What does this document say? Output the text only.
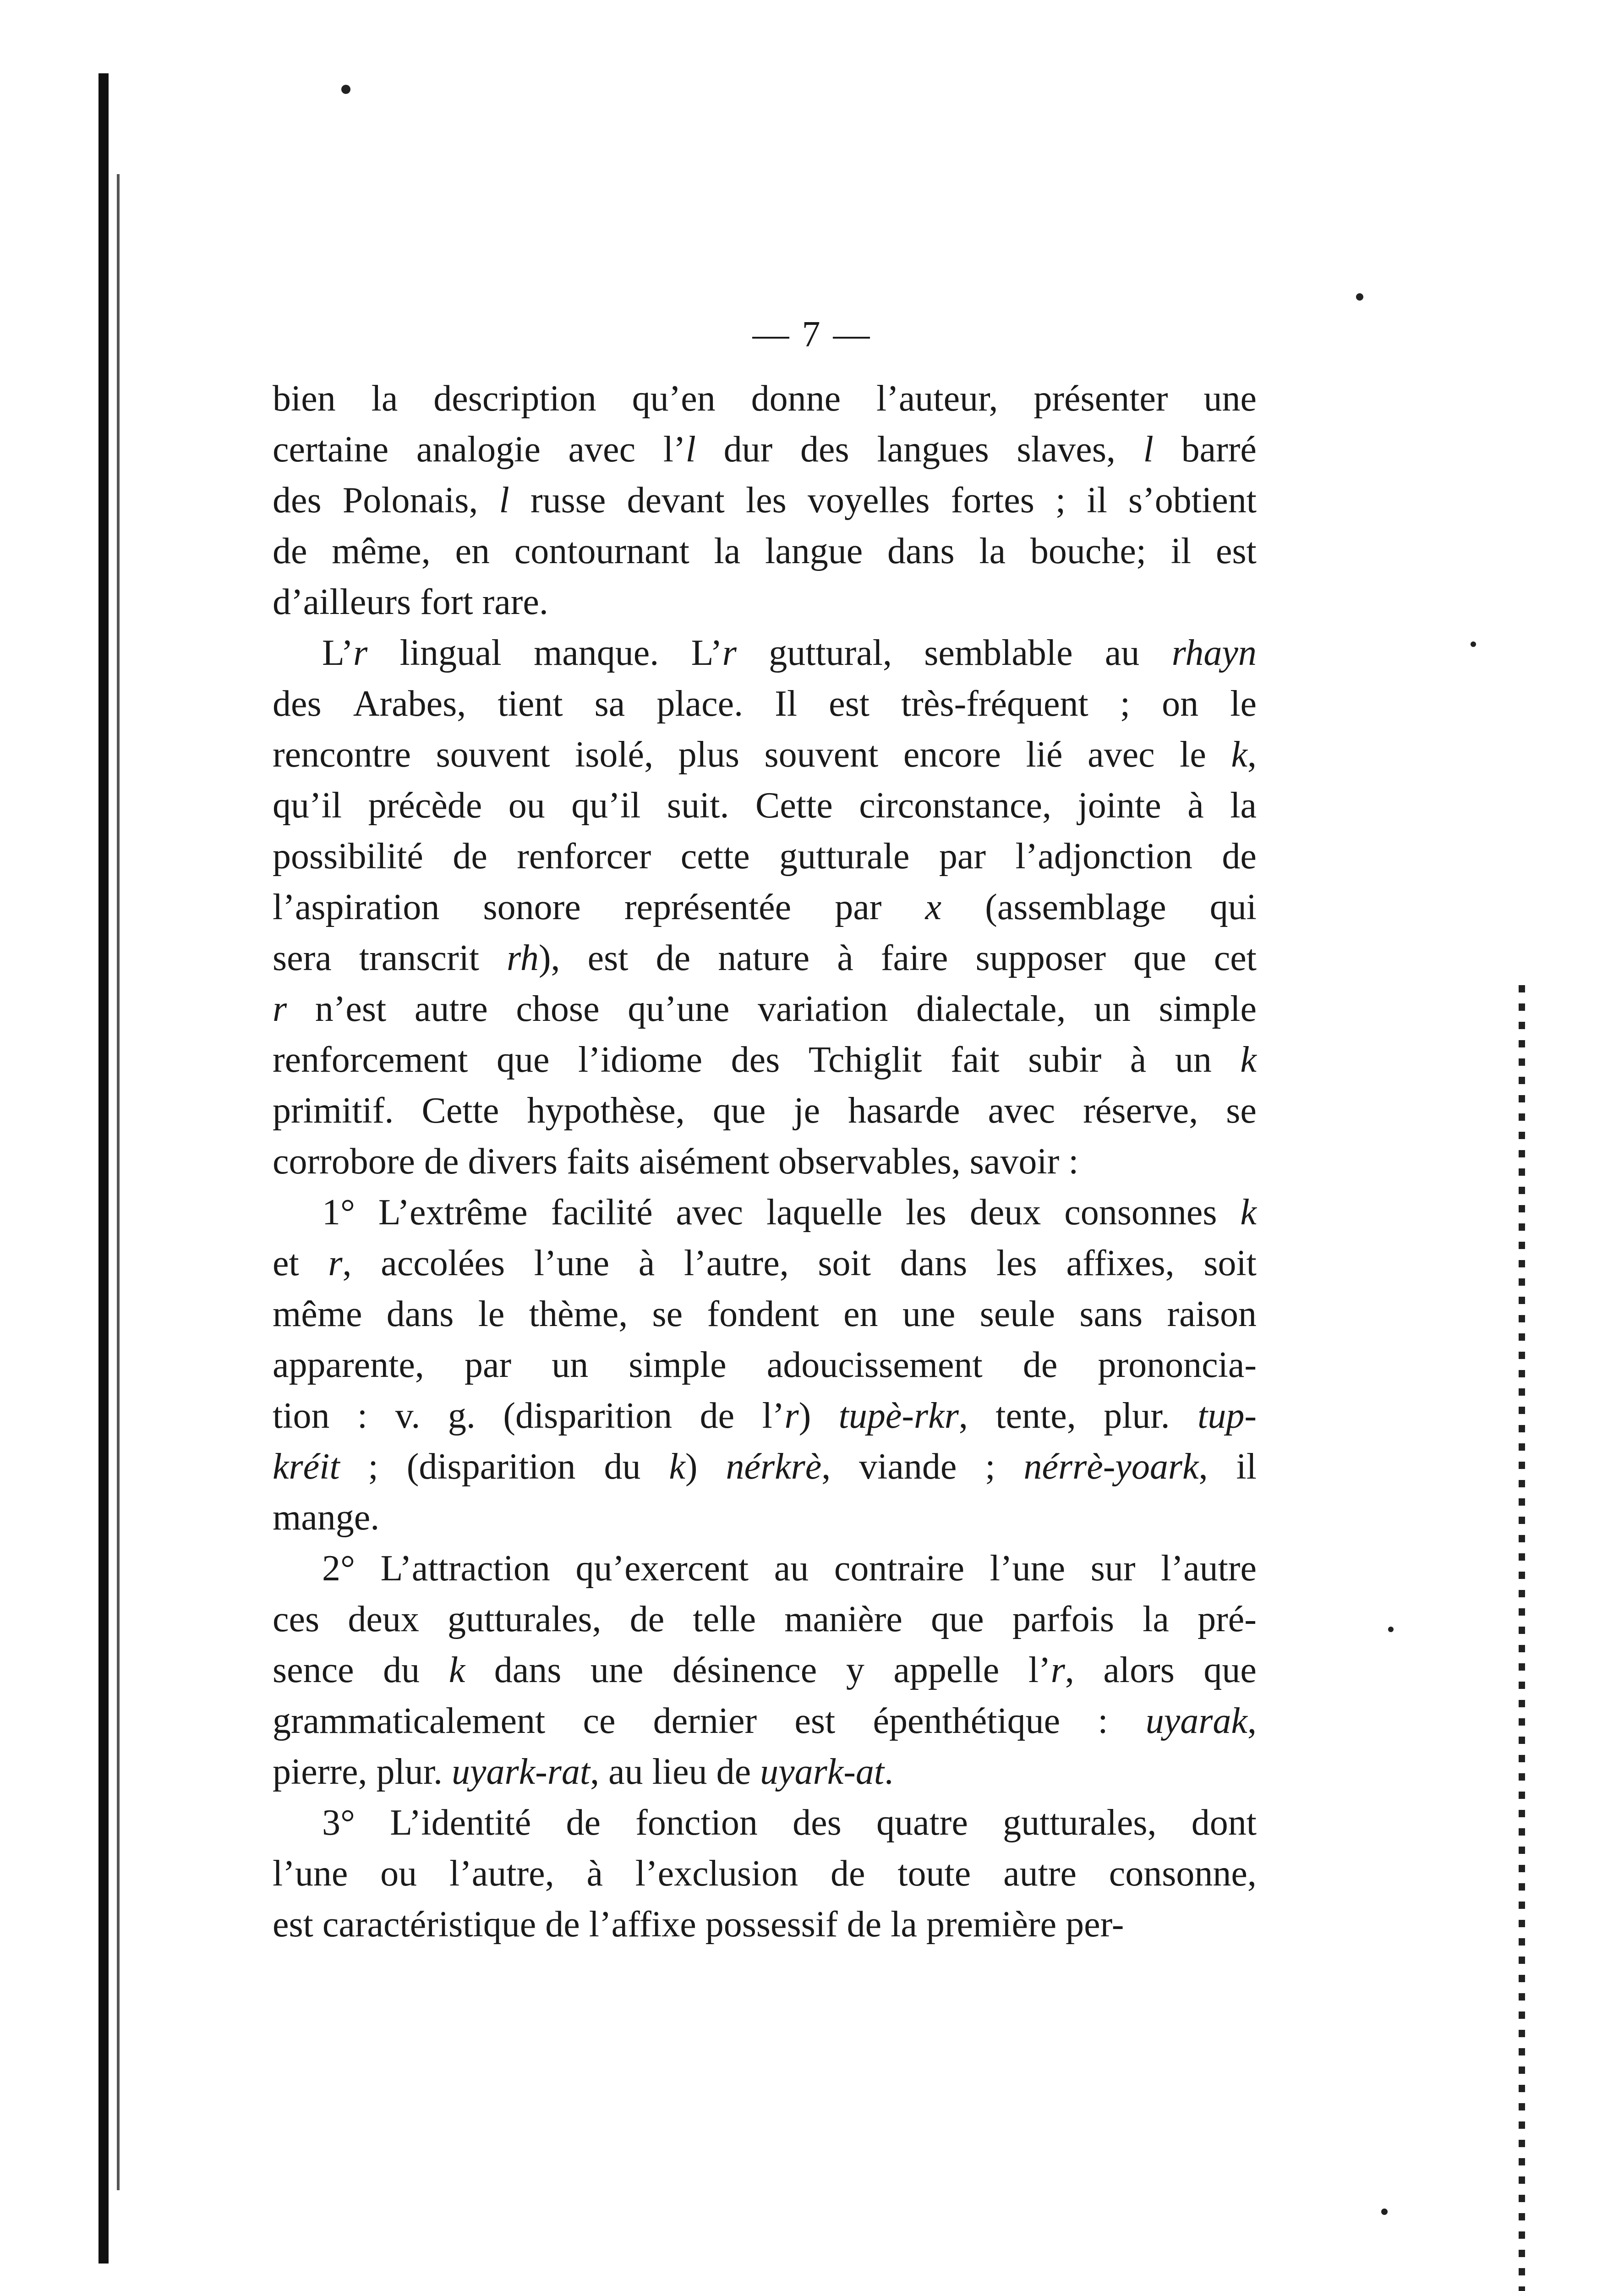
— 7 —
bien la description qu’en donne l’auteur, présenter une
certaine analogie avec l’l dur des langues slaves, l barré
des Polonais, l russe devant les voyelles fortes ; il s’obtient
de même, en contournant la langue dans la bouche; il est
d’ailleurs fort rare.
L’r lingual manque. L’r guttural, semblable au rhayn
des Arabes, tient sa place. Il est très-fréquent ; on le
rencontre souvent isolé, plus souvent encore lié avec le k,
qu’il précède ou qu’il suit. Cette circonstance, jointe à la
possibilité de renforcer cette gutturale par l’adjonction de
l’aspiration sonore représentée par x (assemblage qui
sera transcrit rh), est de nature à faire supposer que cet
r n’est autre chose qu’une variation dialectale, un simple
renforcement que l’idiome des Tchiglit fait subir à un k
primitif. Cette hypothèse, que je hasarde avec réserve, se
corrobore de divers faits aisément observables, savoir :
1° L’extrême facilité avec laquelle les deux consonnes k
et r, accolées l’une à l’autre, soit dans les affixes, soit
même dans le thème, se fondent en une seule sans raison
apparente, par un simple adoucissement de prononcia-
tion : v. g. (disparition de l’r) tupè-rkr, tente, plur. tup-
kréit ; (disparition du k) nérkrè, viande ; nérrè-yoark, il
mange.
2° L’attraction qu’exercent au contraire l’une sur l’autre
ces deux gutturales, de telle manière que parfois la pré-
sence du k dans une désinence y appelle l’r, alors que
grammaticalement ce dernier est épenthétique : uyarak,
pierre, plur. uyark-rat, au lieu de uyark-at.
3° L’identité de fonction des quatre gutturales, dont
l’une ou l’autre, à l’exclusion de toute autre consonne,
est caractéristique de l’affixe possessif de la première per-
